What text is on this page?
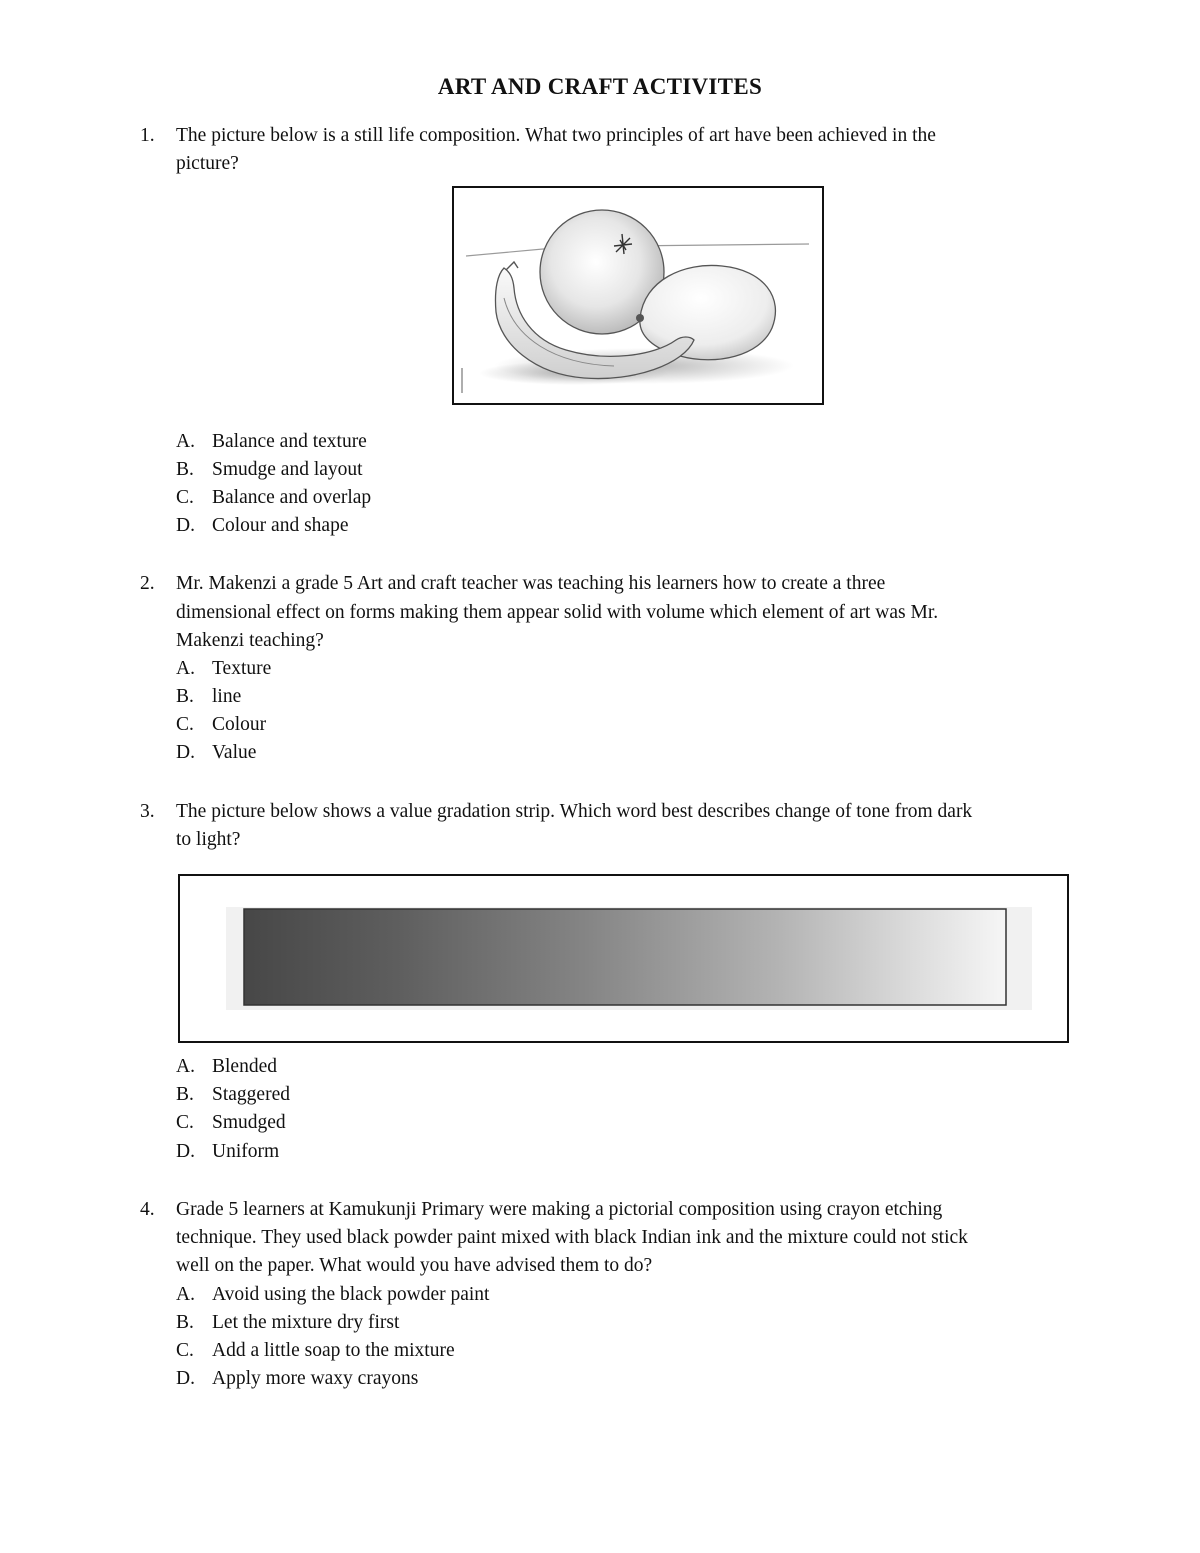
ART AND CRAFT ACTIVITES
1. The picture below is a still life composition. What two principles of art have been achieved in the
picture?
A. Balance and texture
B. Smudge and layout
C. Balance and overlap
D. Colour and shape
2. Mr. Makenzi a grade 5 Art and craft teacher was teaching his learners how to create a three
dimensional effect on forms making them appear solid with volume which element of art was Mr.
Makenzi teaching?
A. Texture
B. line
C. Colour
D. Value
3. The picture below shows a value gradation strip. Which word best describes change of tone from dark
to light?
A. Blended
B. Staggered
C. Smudged
D. Uniform
4. Grade 5 learners at Kamukunji Primary were making a pictorial composition using crayon etching
technique. They used black powder paint mixed with black Indian ink and the mixture could not stick
well on the paper. What would you have advised them to do?
A. Avoid using the black powder paint
B. Let the mixture dry first
C. Add a little soap to the mixture
D. Apply more waxy crayons
